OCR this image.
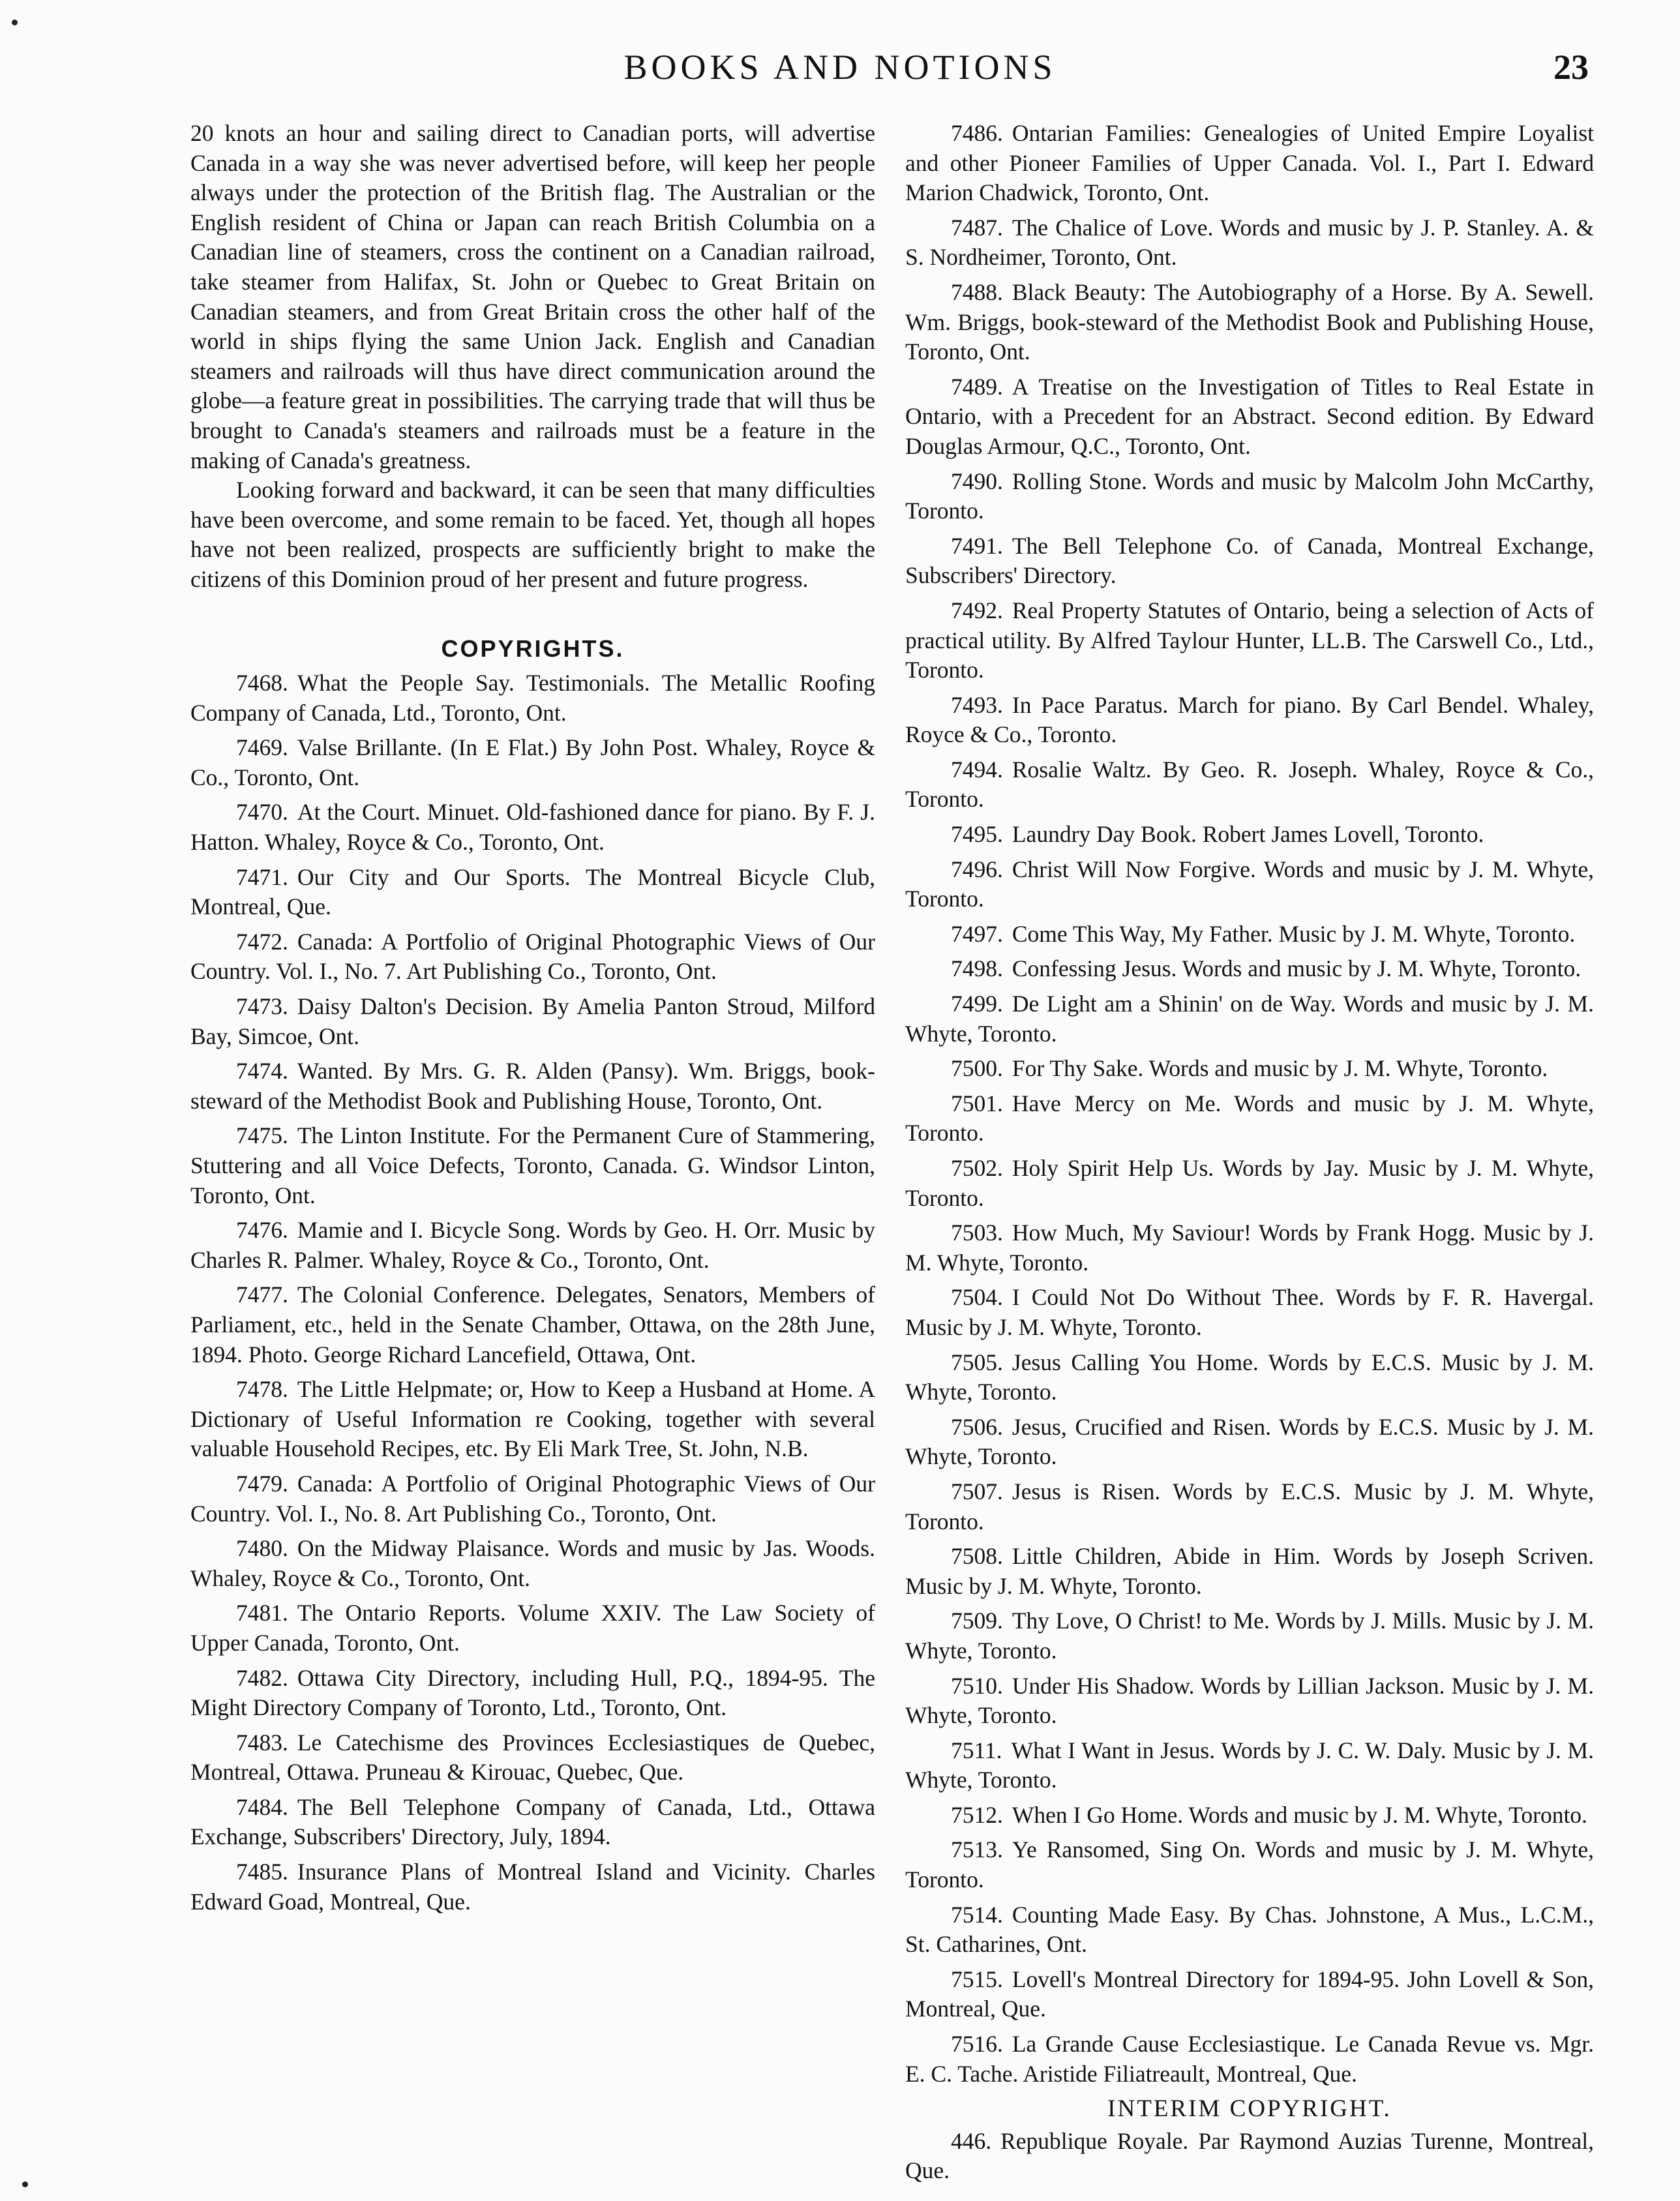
BOOKS AND NOTIONS	23

20 knots an hour and sailing direct to Canadian ports, will advertise Canada in a way she was never advertised before, will keep her people always under the protection of the British flag. The Australian or the English resident of China or Japan can reach British Columbia on a Canadian line of steamers, cross the continent on a Canadian railroad, take steamer from Halifax, St. John or Quebec to Great Britain on Canadian steamers, and from Great Britain cross the other half of the world in ships flying the same Union Jack. English and Canadian steamers and railroads will thus have direct communication around the globe—a feature great in possibilities. The carrying trade that will thus be brought to Canada's steamers and railroads must be a feature in the making of Canada's greatness.

Looking forward and backward, it can be seen that many difficulties have been overcome, and some remain to be faced. Yet, though all hopes have not been realized, prospects are sufficiently bright to make the citizens of this Dominion proud of her present and future progress.

COPYRIGHTS.
7468. What the People Say. Testimonials. The Metallic Roofing Company of Canada, Ltd., Toronto, Ont.
7469. Valse Brillante. (In E Flat.) By John Post. Whaley, Royce & Co., Toronto, Ont.
7470. At the Court. Minuet. Old-fashioned dance for piano. By F. J. Hatton. Whaley, Royce & Co., Toronto, Ont.
7471. Our City and Our Sports. The Montreal Bicycle Club, Montreal, Que.
7472. Canada: A Portfolio of Original Photographic Views of Our Country. Vol. I., No. 7. Art Publishing Co., Toronto, Ont.
7473. Daisy Dalton's Decision. By Amelia Panton Stroud, Milford Bay, Simcoe, Ont.
7474. Wanted. By Mrs. G. R. Alden (Pansy). Wm. Briggs, book-steward of the Methodist Book and Publishing House, Toronto, Ont.
7475. The Linton Institute. For the Permanent Cure of Stammering, Stuttering and all Voice Defects, Toronto, Canada. G. Windsor Linton, Toronto, Ont.
7476. Mamie and I. Bicycle Song. Words by Geo. H. Orr. Music by Charles R. Palmer. Whaley, Royce & Co., Toronto, Ont.
7477. The Colonial Conference. Delegates, Senators, Members of Parliament, etc., held in the Senate Chamber, Ottawa, on the 28th June, 1894. Photo. George Richard Lancefield, Ottawa, Ont.
7478. The Little Helpmate; or, How to Keep a Husband at Home. A Dictionary of Useful Information re Cooking, together with several valuable Household Recipes, etc. By Eli Mark Tree, St. John, N.B.
7479. Canada: A Portfolio of Original Photographic Views of Our Country. Vol. I., No. 8. Art Publishing Co., Toronto, Ont.
7480. On the Midway Plaisance. Words and music by Jas. Woods. Whaley, Royce & Co., Toronto, Ont.
7481. The Ontario Reports. Volume XXIV. The Law Society of Upper Canada, Toronto, Ont.
7482. Ottawa City Directory, including Hull, P.Q., 1894-95. The Might Directory Company of Toronto, Ltd., Toronto, Ont.
7483. Le Catechisme des Provinces Ecclesiastiques de Quebec, Montreal, Ottawa. Pruneau & Kirouac, Quebec, Que.
7484. The Bell Telephone Company of Canada, Ltd., Ottawa Exchange, Subscribers' Directory, July, 1894.
7485. Insurance Plans of Montreal Island and Vicinity. Charles Edward Goad, Montreal, Que.
7486. Ontarian Families: Genealogies of United Empire Loyalist and other Pioneer Families of Upper Canada. Vol. I., Part I. Edward Marion Chadwick, Toronto, Ont.
7487. The Chalice of Love. Words and music by J. P. Stanley. A. & S. Nordheimer, Toronto, Ont.
7488. Black Beauty: The Autobiography of a Horse. By A. Sewell. Wm. Briggs, book-steward of the Methodist Book and Publishing House, Toronto, Ont.
7489. A Treatise on the Investigation of Titles to Real Estate in Ontario, with a Precedent for an Abstract. Second edition. By Edward Douglas Armour, Q.C., Toronto, Ont.
7490. Rolling Stone. Words and music by Malcolm John McCarthy, Toronto.
7491. The Bell Telephone Co. of Canada, Montreal Exchange, Subscribers' Directory.
7492. Real Property Statutes of Ontario, being a selection of Acts of practical utility. By Alfred Taylour Hunter, LL.B. The Carswell Co., Ltd., Toronto.
7493. In Pace Paratus. March for piano. By Carl Bendel. Whaley, Royce & Co., Toronto.
7494. Rosalie Waltz. By Geo. R. Joseph. Whaley, Royce & Co., Toronto.
7495. Laundry Day Book. Robert James Lovell, Toronto.
7496. Christ Will Now Forgive. Words and music by J. M. Whyte, Toronto.
7497. Come This Way, My Father. Music by J. M. Whyte, Toronto.
7498. Confessing Jesus. Words and music by J. M. Whyte, Toronto.
7499. De Light am a Shinin' on de Way. Words and music by J. M. Whyte, Toronto.
7500. For Thy Sake. Words and music by J. M. Whyte, Toronto.
7501. Have Mercy on Me. Words and music by J. M. Whyte, Toronto.
7502. Holy Spirit Help Us. Words by Jay. Music by J. M. Whyte, Toronto.
7503. How Much, My Saviour! Words by Frank Hogg. Music by J. M. Whyte, Toronto.
7504. I Could Not Do Without Thee. Words by F. R. Havergal. Music by J. M. Whyte, Toronto.
7505. Jesus Calling You Home. Words by E.C.S. Music by J. M. Whyte, Toronto.
7506. Jesus, Crucified and Risen. Words by E.C.S. Music by J. M. Whyte, Toronto.
7507. Jesus is Risen. Words by E.C.S. Music by J. M. Whyte, Toronto.
7508. Little Children, Abide in Him. Words by Joseph Scriven. Music by J. M. Whyte, Toronto.
7509. Thy Love, O Christ! to Me. Words by J. Mills. Music by J. M. Whyte, Toronto.
7510. Under His Shadow. Words by Lillian Jackson. Music by J. M. Whyte, Toronto.
7511. What I Want in Jesus. Words by J. C. W. Daly. Music by J. M. Whyte, Toronto.
7512. When I Go Home. Words and music by J. M. Whyte, Toronto.
7513. Ye Ransomed, Sing On. Words and music by J. M. Whyte, Toronto.
7514. Counting Made Easy. By Chas. Johnstone, A Mus., L.C.M., St. Catharines, Ont.
7515. Lovell's Montreal Directory for 1894-95. John Lovell & Son, Montreal, Que.
7516. La Grande Cause Ecclesiastique. Le Canada Revue vs. Mgr. E. C. Tache. Aristide Filiatreault, Montreal, Que.
INTERIM COPYRIGHT.
446. Republique Royale. Par Raymond Auzias Turenne, Montreal, Que.
